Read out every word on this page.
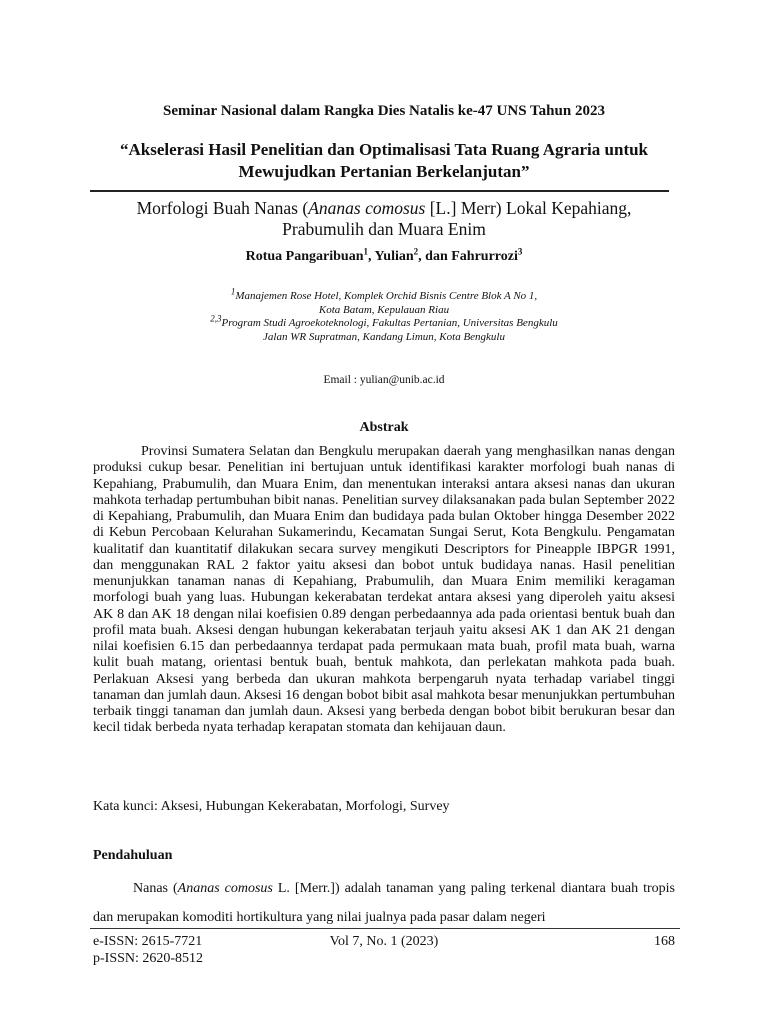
Seminar Nasional dalam Rangka Dies Natalis ke-47 UNS Tahun 2023
“Akselerasi Hasil Penelitian dan Optimalisasi Tata Ruang Agraria untuk
Mewujudkan Pertanian Berkelanjutan”
Morfologi Buah Nanas (Ananas comosus [L.] Merr) Lokal Kepahiang,
Prabumulih dan Muara Enim
Rotua Pangaribuan$^1$, Yulian$^2$, dan Fahrurrozi$^3$
$^1$Manajemen Rose Hotel, Komplek Orchid Bisnis Centre Blok A No 1,
Kota Batam, Kepulauan Riau
$^{2,3}$Program Studi Agroekoteknologi, Fakultas Pertanian, Universitas Bengkulu
Jalan WR Supratman, Kandang Limun, Kota Bengkulu
Email : yulian@unib.ac.id
Abstrak
Provinsi Sumatera Selatan dan Bengkulu merupakan daerah yang menghasilkan nanas dengan produksi cukup besar. Penelitian ini bertujuan untuk identifikasi karakter morfologi buah nanas di Kepahiang, Prabumulih, dan Muara Enim, dan menentukan interaksi antara aksesi nanas dan ukuran mahkota terhadap pertumbuhan bibit nanas. Penelitian survey dilaksanakan pada bulan September 2022 di Kepahiang, Prabumulih, dan Muara Enim dan budidaya pada bulan Oktober hingga Desember 2022 di Kebun Percobaan Kelurahan Sukamerindu, Kecamatan Sungai Serut, Kota Bengkulu. Pengamatan kualitatif dan kuantitatif dilakukan secara survey mengikuti Descriptors for Pineapple IBPGR 1991, dan menggunakan RAL 2 faktor yaitu aksesi dan bobot untuk budidaya nanas. Hasil penelitian menunjukkan tanaman nanas di Kepahiang, Prabumulih, dan Muara Enim memiliki keragaman morfologi buah yang luas. Hubungan kekerabatan terdekat antara aksesi yang diperoleh yaitu aksesi AK 8 dan AK 18 dengan nilai koefisien 0.89 dengan perbedaannya ada pada orientasi bentuk buah dan profil mata buah. Aksesi dengan hubungan kekerabatan terjauh yaitu aksesi AK 1 dan AK 21 dengan nilai koefisien 6.15 dan perbedaannya terdapat pada permukaan mata buah, profil mata buah, warna kulit buah matang, orientasi bentuk buah, bentuk mahkota, dan perlekatan mahkota pada buah. Perlakuan Aksesi yang berbeda dan ukuran mahkota berpengaruh nyata terhadap variabel tinggi tanaman dan jumlah daun. Aksesi 16 dengan bobot bibit asal mahkota besar menunjukkan pertumbuhan terbaik tinggi tanaman dan jumlah daun. Aksesi yang berbeda dengan bobot bibit berukuran besar dan kecil tidak berbeda nyata terhadap kerapatan stomata dan kehijauan daun.
Kata kunci: Aksesi, Hubungan Kekerabatan, Morfologi, Survey
Pendahuluan
Nanas (Ananas comosus L. [Merr.]) adalah tanaman yang paling terkenal diantara buah tropis dan merupakan komoditi hortikultura yang nilai jualnya pada pasar dalam negeri
e-ISSN: 2615-7721
p-ISSN: 2620-8512
Vol 7, No. 1 (2023)	168
